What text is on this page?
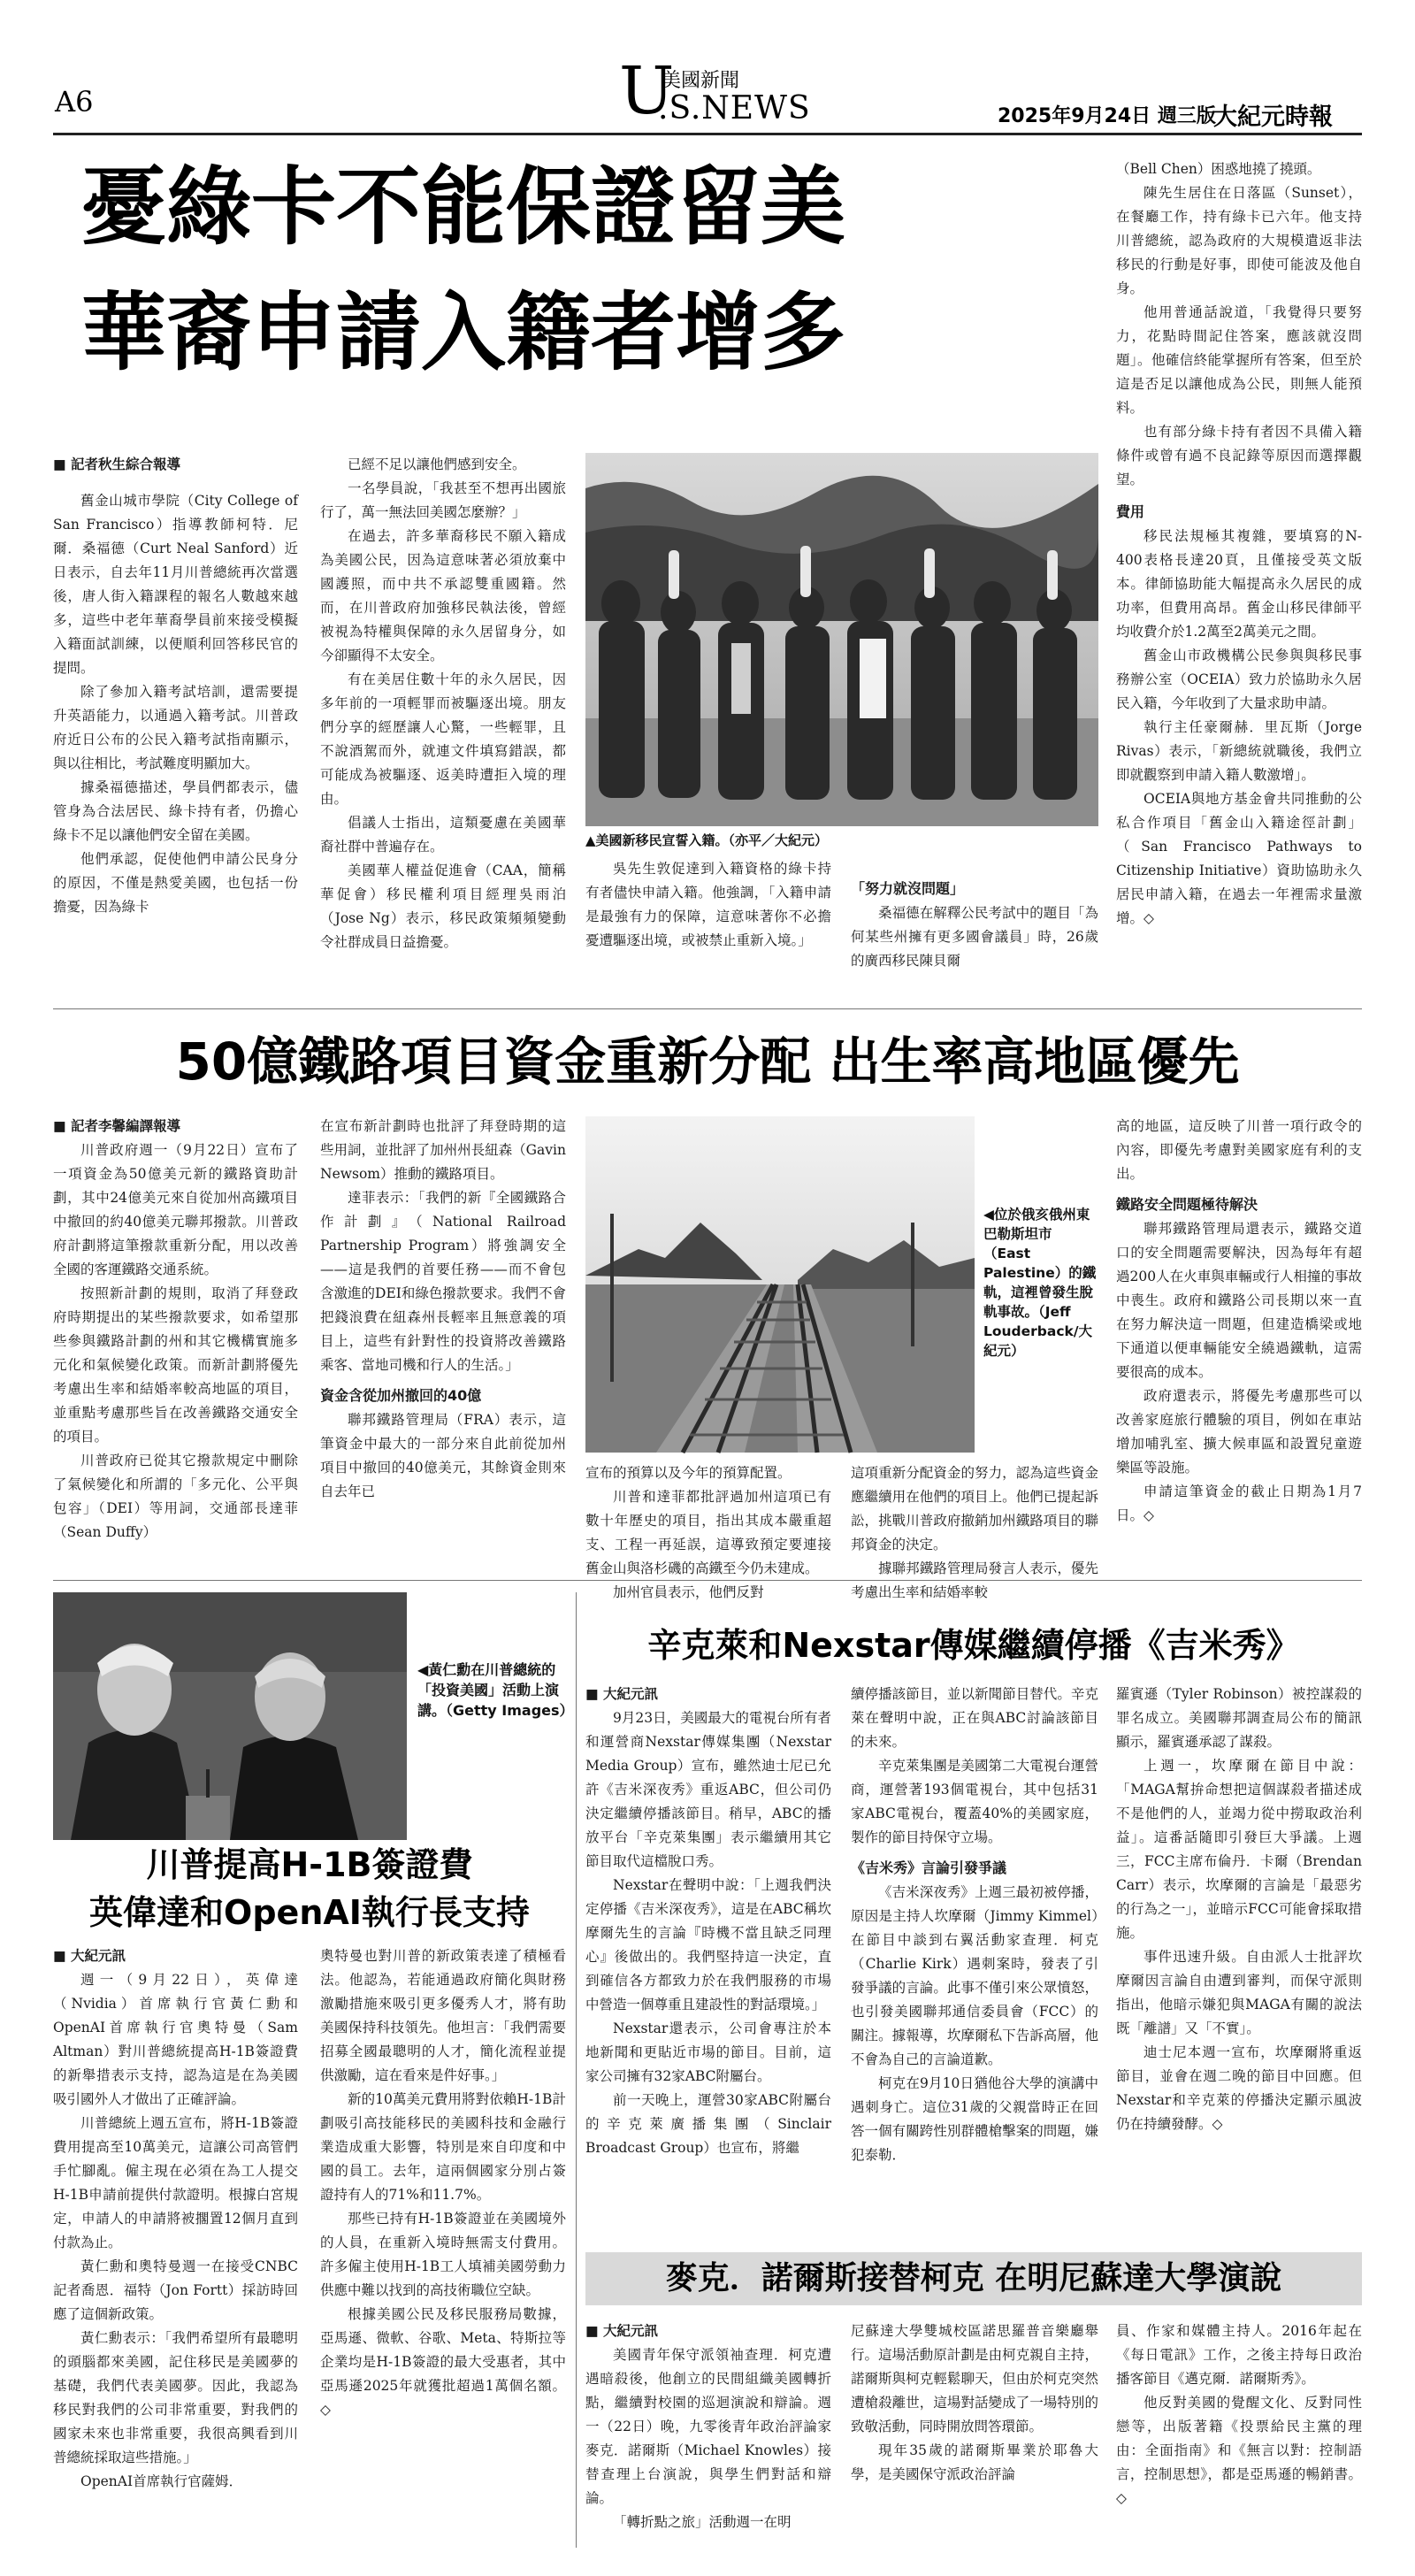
A6	U
美國新聞
.S.NEWS	2025年9月24日 週三版
大紀元時報
憂綠卡不能保證留美
華裔申請入籍者增多
■ 記者秋生綜合報導

舊金山城市學院（City College of San Francisco）指導教師柯特．尼爾．桑福德（Curt Neal Sanford）近日表示，自去年11月川普總統再次當選後，唐人街入籍課程的報名人數越來越多，這些中老年華裔學員前來接受模擬入籍面試訓練，以便順利回答移民官的提問。

除了參加入籍考試培訓，還需要提升英語能力，以通過入籍考試。川普政府近日公布的公民入籍考試指南顯示，與以往相比，考試難度明顯加大。

據桑福德描述，學員們都表示，儘管身為合法居民、綠卡持有者，仍擔心綠卡不足以讓他們安全留在美國。

他們承認，促使他們申請公民身分的原因，不僅是熱愛美國，也包括一份擔憂，因為綠卡

已經不足以讓他們感到安全。

一名學員說，「我甚至不想再出國旅行了，萬一無法回美國怎麼辦？」

在過去，許多華裔移民不願入籍成為美國公民，因為這意味著必須放棄中國護照，而中共不承認雙重國籍。然而，在川普政府加強移民執法後，曾經被視為特權與保障的永久居留身分，如今卻顯得不太安全。

有在美居住數十年的永久居民，因多年前的一項輕罪而被驅逐出境。朋友們分享的經歷讓人心驚，一些輕罪，且不說酒駕而外，就連文件填寫錯誤，都可能成為被驅逐、返美時遭拒入境的理由。

倡議人士指出，這類憂慮在美國華裔社群中普遍存在。

美國華人權益促進會（CAA，簡稱華促會）移民權利項目經理吳雨泊（Jose Ng）表示，移民政策頻頻變動令社群成員日益擔憂。

▲美國新移民宣誓入籍。（亦平／大紀元）

吳先生敦促達到入籍資格的綠卡持有者儘快申請入籍。他強調，「入籍申請是最強有力的保障，這意味著你不必擔憂遭驅逐出境，或被禁止重新入境。」

「努力就沒問題」

桑福德在解釋公民考試中的題目「為何某些州擁有更多國會議員」時，26歲的廣西移民陳貝爾

（Bell Chen）困惑地撓了撓頭。

陳先生居住在日落區（Sunset），在餐廳工作，持有綠卡已六年。他支持川普總統，認為政府的大規模遣返非法移民的行動是好事，即使可能波及他自身。

他用普通話說道，「我覺得只要努力，花點時間記住答案，應該就沒問題」。他確信終能掌握所有答案，但至於這是否足以讓他成為公民，則無人能預料。

也有部分綠卡持有者因不具備入籍條件或曾有過不良記錄等原因而選擇觀望。

費用

移民法規極其複雜，要填寫的N-400表格長達20頁，且僅接受英文版本。律師協助能大幅提高永久居民的成功率，但費用高昂。舊金山移民律師平均收費介於1.2萬至2萬美元之間。

舊金山市政機構公民參與與移民事務辦公室（OCEIA）致力於協助永久居民入籍，今年收到了大量求助申請。

執行主任豪爾赫．里瓦斯（Jorge Rivas）表示，「新總統就職後，我們立即就觀察到申請入籍人數激增」。

OCEIA與地方基金會共同推動的公私合作項目「舊金山入籍途徑計劃」（San Francisco Pathways to Citizenship Initiative）資助協助永久居民申請入籍，在過去一年裡需求量激增。◇

50億鐵路項目資金重新分配 出生率高地區優先
■ 記者李馨編譯報導

川普政府週一（9月22日）宣布了一項資金為50億美元新的鐵路資助計劃，其中24億美元來自從加州高鐵項目中撤回的約40億美元聯邦撥款。川普政府計劃將這筆撥款重新分配，用以改善全國的客運鐵路交通系統。

按照新計劃的規則，取消了拜登政府時期提出的某些撥款要求，如希望那些參與鐵路計劃的州和其它機構實施多元化和氣候變化政策。而新計劃將優先考慮出生率和結婚率較高地區的項目，並重點考慮那些旨在改善鐵路交通安全的項目。

川普政府已從其它撥款規定中刪除了氣候變化和所謂的「多元化、公平與包容」（DEI）等用詞，交通部長達菲（Sean Duffy）

在宣布新計劃時也批評了拜登時期的這些用詞，並批評了加州州長紐森（Gavin Newsom）推動的鐵路項目。

達菲表示：「我們的新『全國鐵路合作計劃』（National Railroad Partnership Program）將強調安全——這是我們的首要任務——而不會包含激進的DEI和綠色撥款要求。我們不會把錢浪費在紐森州長輕率且無意義的項目上，這些有針對性的投資將改善鐵路乘客、當地司機和行人的生活。」

資金含從加州撤回的40億

聯邦鐵路管理局（FRA）表示，這筆資金中最大的一部分來自此前從加州項目中撤回的40億美元，其餘資金則來自去年已

◀位於俄亥俄州東巴勒斯坦市（East Palestine）的鐵軌，這裡曾發生脫軌事故。（Jeff Louderback/大紀元）

宣布的預算以及今年的預算配置。

川普和達菲都批評過加州這項已有數十年歷史的項目，指出其成本嚴重超支、工程一再延誤，這導致預定要連接舊金山與洛杉磯的高鐵至今仍未建成。

加州官員表示，他們反對

這項重新分配資金的努力，認為這些資金應繼續用在他們的項目上。他們已提起訴訟，挑戰川普政府撤銷加州鐵路項目的聯邦資金的決定。

據聯邦鐵路管理局發言人表示，優先考慮出生率和結婚率較

高的地區，這反映了川普一項行政令的內容，即優先考慮對美國家庭有利的支出。

鐵路安全問題極待解決

聯邦鐵路管理局還表示，鐵路交道口的安全問題需要解決，因為每年有超過200人在火車與車輛或行人相撞的事故中喪生。政府和鐵路公司長期以來一直在努力解決這一問題，但建造橋梁或地下通道以便車輛能安全繞過鐵軌，這需要很高的成本。

政府還表示，將優先考慮那些可以改善家庭旅行體驗的項目，例如在車站增加哺乳室、擴大候車區和設置兒童遊樂區等設施。

申請這筆資金的截止日期為1月7日。◇

◀黃仁勳在川普總統的「投資美國」活動上演講。（Getty Images）
川普提高H-1B簽證費
英偉達和OpenAI執行長支持
■ 大紀元訊

週一（9月22日），英偉達（Nvidia）首席執行官黃仁勳和OpenAI首席執行官奧特曼（Sam Altman）對川普總統提高H-1B簽證費的新舉措表示支持，認為這是在為美國吸引國外人才做出了正確評論。

川普總統上週五宣布，將H-1B簽證費用提高至10萬美元，這讓公司高管們手忙腳亂。僱主現在必須在為工人提交H-1B申請前提供付款證明。根據白宮規定，申請人的申請將被擱置12個月直到付款為止。

黃仁勳和奧特曼週一在接受CNBC記者喬恩．福特（Jon Fortt）採訪時回應了這個新政策。

黃仁勳表示：「我們希望所有最聰明的頭腦都來美國，記住移民是美國夢的基礎，我們代表美國夢。因此，我認為移民對我們的公司非常重要，對我們的國家未來也非常重要，我很高興看到川普總統採取這些措施。」

OpenAI首席執行官薩姆．

奧特曼也對川普的新政策表達了積極看法。他認為，若能通過政府簡化與財務激勵措施來吸引更多優秀人才，將有助美國保持科技領先。他坦言：「我們需要招募全國最聰明的人才，簡化流程並提供激勵，這在看來是件好事。」

新的10萬美元費用將對依賴H-1B計劃吸引高技能移民的美國科技和金融行業造成重大影響，特別是來自印度和中國的員工。去年，這兩個國家分別占簽證持有人的71%和11.7%。

那些已持有H-1B簽證並在美國境外的人員，在重新入境時無需支付費用。許多僱主使用H-1B工人填補美國勞動力供應中難以找到的高技術職位空缺。

根據美國公民及移民服務局數據，亞馬遜、微軟、谷歌、Meta、特斯拉等企業均是H-1B簽證的最大受惠者，其中亞馬遜2025年就獲批超過1萬個名額。◇

辛克萊和Nexstar傳媒繼續停播《吉米秀》
■ 大紀元訊

9月23日，美國最大的電視台所有者和運營商Nexstar傳媒集團（Nexstar Media Group）宣布，雖然迪士尼已允許《吉米深夜秀》重返ABC，但公司仍決定繼續停播該節目。稍早，ABC的播放平台「辛克萊集團」表示繼續用其它節目取代這檔脫口秀。

Nexstar在聲明中說：「上週我們決定停播《吉米深夜秀》，這是在ABC稱坎摩爾先生的言論『時機不當且缺乏同理心』後做出的。我們堅持這一決定，直到確信各方都致力於在我們服務的市場中營造一個尊重且建設性的對話環境。」

Nexstar還表示，公司會專注於本地新聞和更貼近市場的節目。目前，這家公司擁有32家ABC附屬台。

前一天晚上，運營30家ABC附屬台的辛克萊廣播集團（Sinclair Broadcast Group）也宣布，將繼

續停播該節目，並以新聞節目替代。辛克萊在聲明中說，正在與ABC討論該節目的未來。

辛克萊集團是美國第二大電視台運營商，運營著193個電視台，其中包括31家ABC電視台，覆蓋40%的美國家庭，製作的節目持保守立場。

《吉米秀》言論引發爭議

《吉米深夜秀》上週三最初被停播，原因是主持人坎摩爾（Jimmy Kimmel）在節目中談到右翼活動家查理．柯克（Charlie Kirk）遇刺案時，發表了引發爭議的言論。此事不僅引來公眾憤怒，也引發美國聯邦通信委員會（FCC）的關注。據報導，坎摩爾私下告訴高層，他不會為自己的言論道歉。

柯克在9月10日猶他谷大學的演講中遇刺身亡。這位31歲的父親當時正在回答一個有關跨性別群體槍擊案的問題，嫌犯泰勒．

羅賓遜（Tyler Robinson）被控謀殺的罪名成立。美國聯邦調查局公布的簡訊顯示，羅賓遜承認了謀殺。

上週一，坎摩爾在節目中說：「MAGA幫拚命想把這個謀殺者描述成不是他們的人，並竭力從中撈取政治利益」。這番話隨即引發巨大爭議。上週三，FCC主席布倫丹．卡爾（Brendan Carr）表示，坎摩爾的言論是「最惡劣的行為之一」，並暗示FCC可能會採取措施。

事件迅速升級。自由派人士批評坎摩爾因言論自由遭到審判，而保守派則指出，他暗示嫌犯與MAGA有關的說法既「離譜」又「不實」。

迪士尼本週一宣布，坎摩爾將重返節目，並會在週二晚的節目中回應。但Nexstar和辛克萊的停播決定顯示風波仍在持續發酵。◇

麥克．諾爾斯接替柯克 在明尼蘇達大學演說
■ 大紀元訊

美國青年保守派領袖查理．柯克遭遇暗殺後，他創立的民間組織美國轉折點，繼續對校園的巡迴演說和辯論。週一（22日）晚，九零後青年政治評論家麥克．諾爾斯（Michael Knowles）接替查理上台演說，與學生們對話和辯論。

「轉折點之旅」活動週一在明

尼蘇達大學雙城校區諾思羅普音樂廳舉行。這場活動原計劃是由柯克親自主持，諾爾斯與柯克輕鬆聊天，但由於柯克突然遭槍殺離世，這場對話變成了一場特別的致敬活動，同時開放問答環節。

現年35歲的諾爾斯畢業於耶魯大學，是美國保守派政治評論

員、作家和媒體主持人。2016年起在《每日電訊》工作，之後主持每日政治播客節目《邁克爾．諾爾斯秀》。

他反對美國的覺醒文化、反對同性戀等，出版著籍《投票給民主黨的理由：全面指南》和《無言以對：控制語言，控制思想》，都是亞馬遜的暢銷書。◇
